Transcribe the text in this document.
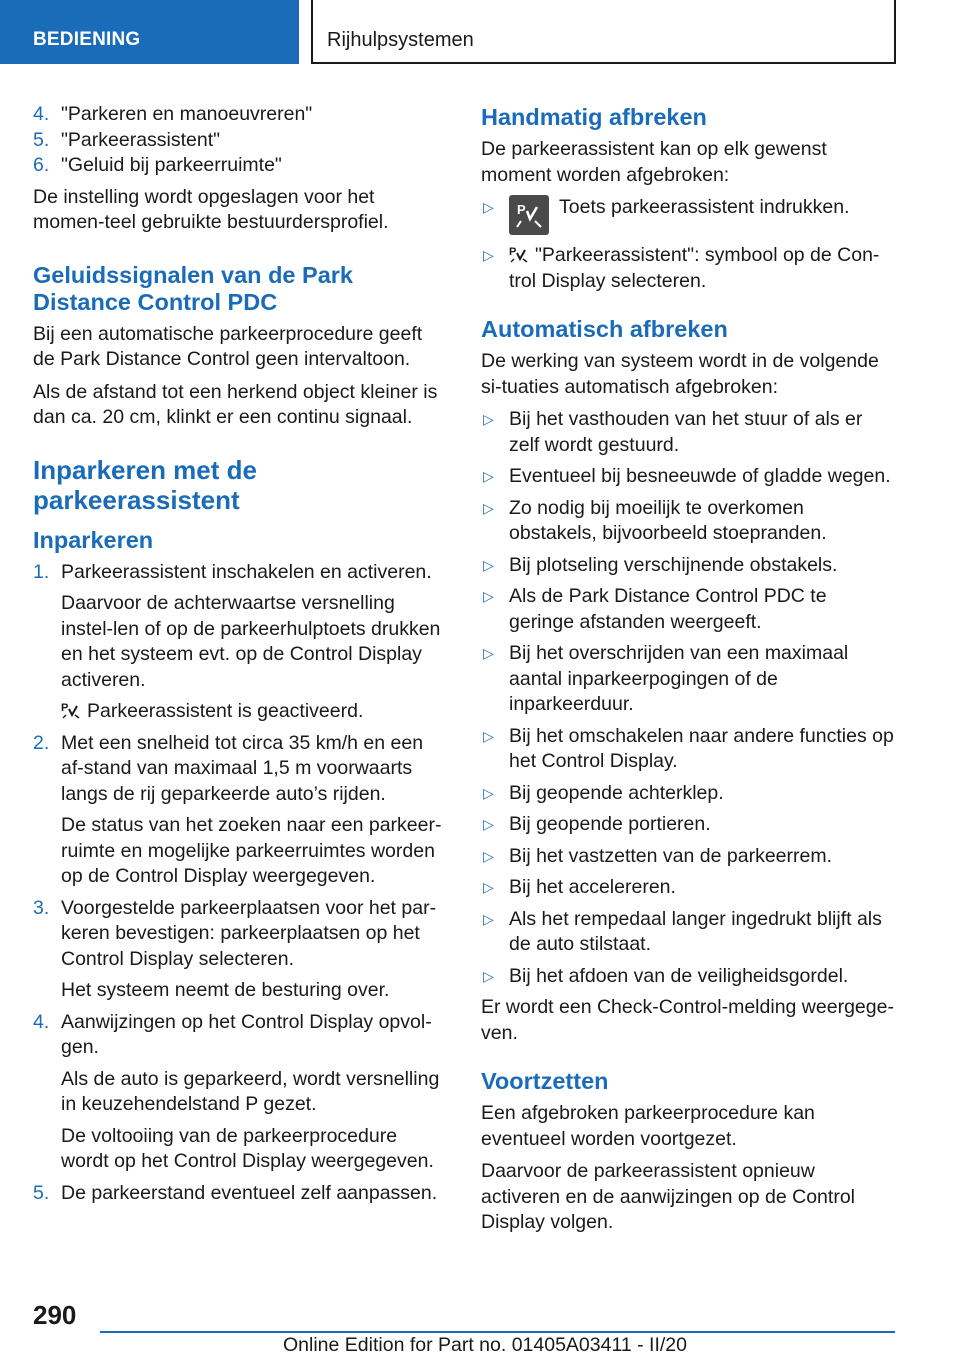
BEDIENING	Rijhulpsystemen
4. "Parkeren en manoeuvreren"
5. "Parkeerassistent"
6. "Geluid bij parkeerruimte"
De instelling wordt opgeslagen voor het momen-teel gebruikte bestuurdersprofiel.
Geluidssignalen van de Park Distance Control PDC
Bij een automatische parkeerprocedure geeft de Park Distance Control geen intervaltoon.
Als de afstand tot een herkend object kleiner is dan ca. 20 cm, klinkt er een continu signaal.
Inparkeren met de parkeerassistent
Inparkeren
1. Parkeerassistent inschakelen en activeren.
Daarvoor de achterwaartse versnelling instel-len of op de parkeerhulptoets drukken en het systeem evt. op de Control Display activeren.
P Parkeerassistent is geactiveerd.
2. Met een snelheid tot circa 35 km/h en een af-stand van maximaal 1,5 m voorwaarts langs de rij geparkeerde auto’s rijden.
De status van het zoeken naar een parkeer-ruimte en mogelijke parkeerruimtes worden op de Control Display weergegeven.
3. Voorgestelde parkeerplaatsen voor het par-keren bevestigen: parkeerplaatsen op het Control Display selecteren.
Het systeem neemt de besturing over.
4. Aanwijzingen op het Control Display opvol-gen.
Als de auto is geparkeerd, wordt versnelling in keuzehendelstand P gezet.
De voltooiing van de parkeerprocedure wordt op het Control Display weergegeven.
5. De parkeerstand eventueel zelf aanpassen.
Handmatig afbreken
De parkeerassistent kan op elk gewenst moment worden afgebroken:
▷ P Toets parkeerassistent indrukken.
▷ P "Parkeerassistent": symbool op de Con-trol Display selecteren.
Automatisch afbreken
De werking van systeem wordt in de volgende si-tuaties automatisch afgebroken:
▷ Bij het vasthouden van het stuur of als er zelf wordt gestuurd.
▷ Eventueel bij besneeuwde of gladde wegen.
▷ Zo nodig bij moeilijk te overkomen obstakels, bijvoorbeeld stoepranden.
▷ Bij plotseling verschijnende obstakels.
▷ Als de Park Distance Control PDC te geringe afstanden weergeeft.
▷ Bij het overschrijden van een maximaal aantal inparkeerpogingen of de inparkeerduur.
▷ Bij het omschakelen naar andere functies op het Control Display.
▷ Bij geopende achterklep.
▷ Bij geopende portieren.
▷ Bij het vastzetten van de parkeerrem.
▷ Bij het accelereren.
▷ Als het rempedaal langer ingedrukt blijft als de auto stilstaat.
▷ Bij het afdoen van de veiligheidsgordel.
Er wordt een Check-Control-melding weergege-ven.
Voortzetten
Een afgebroken parkeerprocedure kan eventueel worden voortgezet.
Daarvoor de parkeerassistent opnieuw activeren en de aanwijzingen op de Control Display volgen.
290
Online Edition for Part no. 01405A03411 - II/20
